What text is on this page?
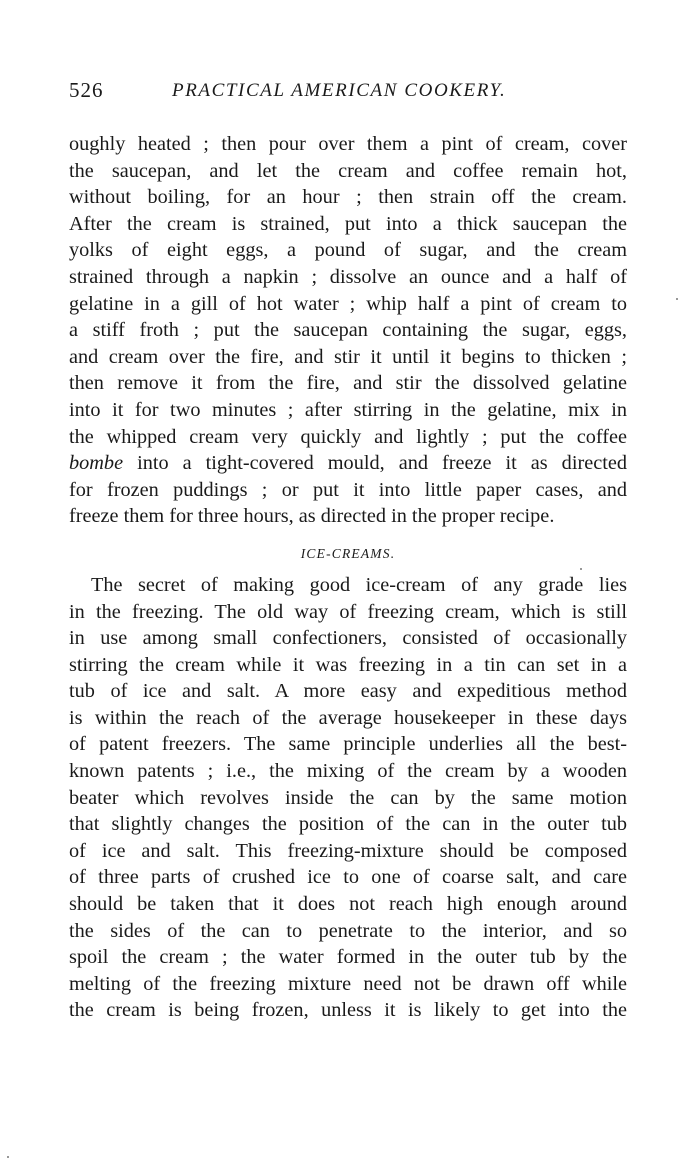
526	PRACTICAL AMERICAN COOKERY.
oughly heated ; then pour over them a pint of cream, cover
the saucepan, and let the cream and coffee remain hot,
without boiling, for an hour ; then strain off the cream.
After the cream is strained, put into a thick saucepan the
yolks of eight eggs, a pound of sugar, and the cream
strained through a napkin ; dissolve an ounce and a half of
gelatine in a gill of hot water ; whip half a pint of cream to
a stiff froth ; put the saucepan containing the sugar, eggs,
and cream over the fire, and stir it until it begins to thicken ;
then remove it from the fire, and stir the dissolved gelatine
into it for two minutes ; after stirring in the gelatine, mix in
the whipped cream very quickly and lightly ; put the coffee
bombe into a tight-covered mould, and freeze it as directed
for frozen puddings ; or put it into little paper cases, and
freeze them for three hours, as directed in the proper recipe.
ICE-CREAMS.
The secret of making good ice-cream of any grade lies
in the freezing. The old way of freezing cream, which is still
in use among small confectioners, consisted of occasionally
stirring the cream while it was freezing in a tin can set in a
tub of ice and salt. A more easy and expeditious method
is within the reach of the average housekeeper in these days
of patent freezers. The same principle underlies all the best-
known patents ; i.e., the mixing of the cream by a wooden
beater which revolves inside the can by the same motion
that slightly changes the position of the can in the outer tub
of ice and salt. This freezing-mixture should be composed
of three parts of crushed ice to one of coarse salt, and care
should be taken that it does not reach high enough around
the sides of the can to penetrate to the interior, and so
spoil the cream ; the water formed in the outer tub by the
melting of the freezing mixture need not be drawn off while
the cream is being frozen, unless it is likely to get into the
